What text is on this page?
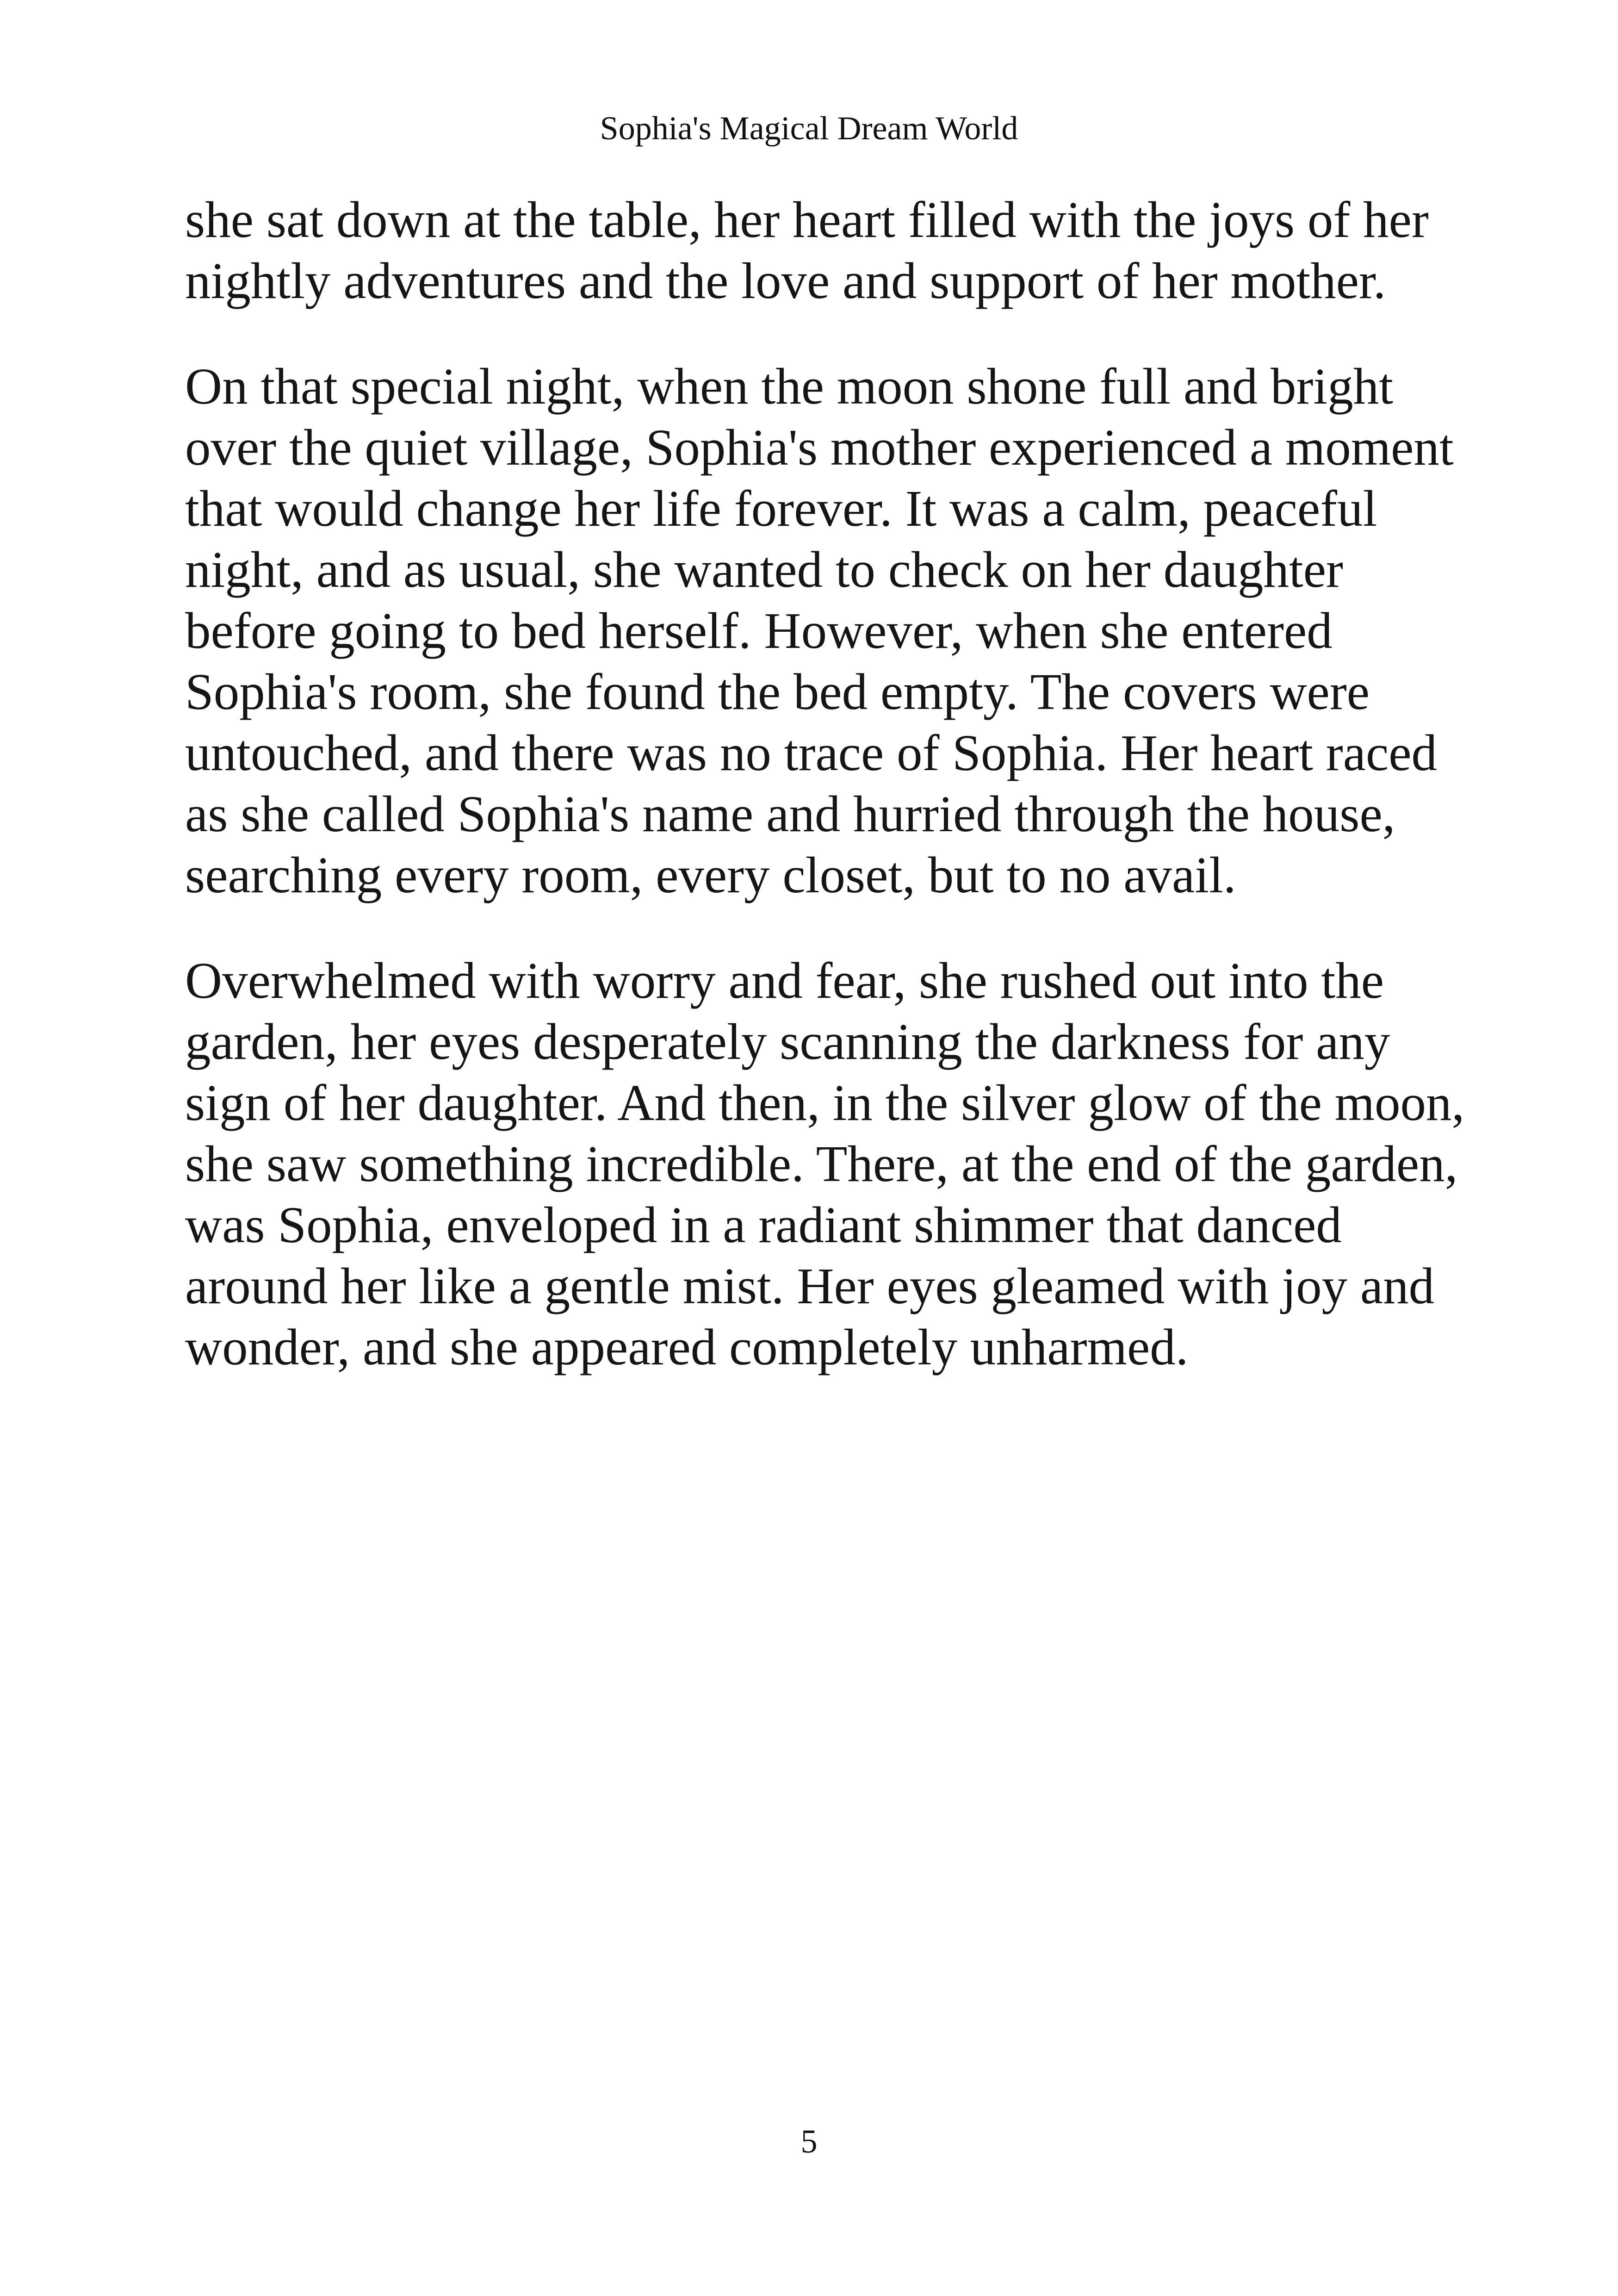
Sophia's Magical Dream World

she sat down at the table, her heart filled with the joys of her nightly adventures and the love and support of her mother.

On that special night, when the moon shone full and bright over the quiet village, Sophia's mother experienced a moment that would change her life forever. It was a calm, peaceful night, and as usual, she wanted to check on her daughter before going to bed herself. However, when she entered Sophia's room, she found the bed empty. The covers were untouched, and there was no trace of Sophia. Her heart raced as she called Sophia's name and hurried through the house, searching every room, every closet, but to no avail.

Overwhelmed with worry and fear, she rushed out into the garden, her eyes desperately scanning the darkness for any sign of her daughter. And then, in the silver glow of the moon, she saw something incredible. There, at the end of the garden, was Sophia, enveloped in a radiant shimmer that danced around her like a gentle mist. Her eyes gleamed with joy and wonder, and she appeared completely unharmed.

5
